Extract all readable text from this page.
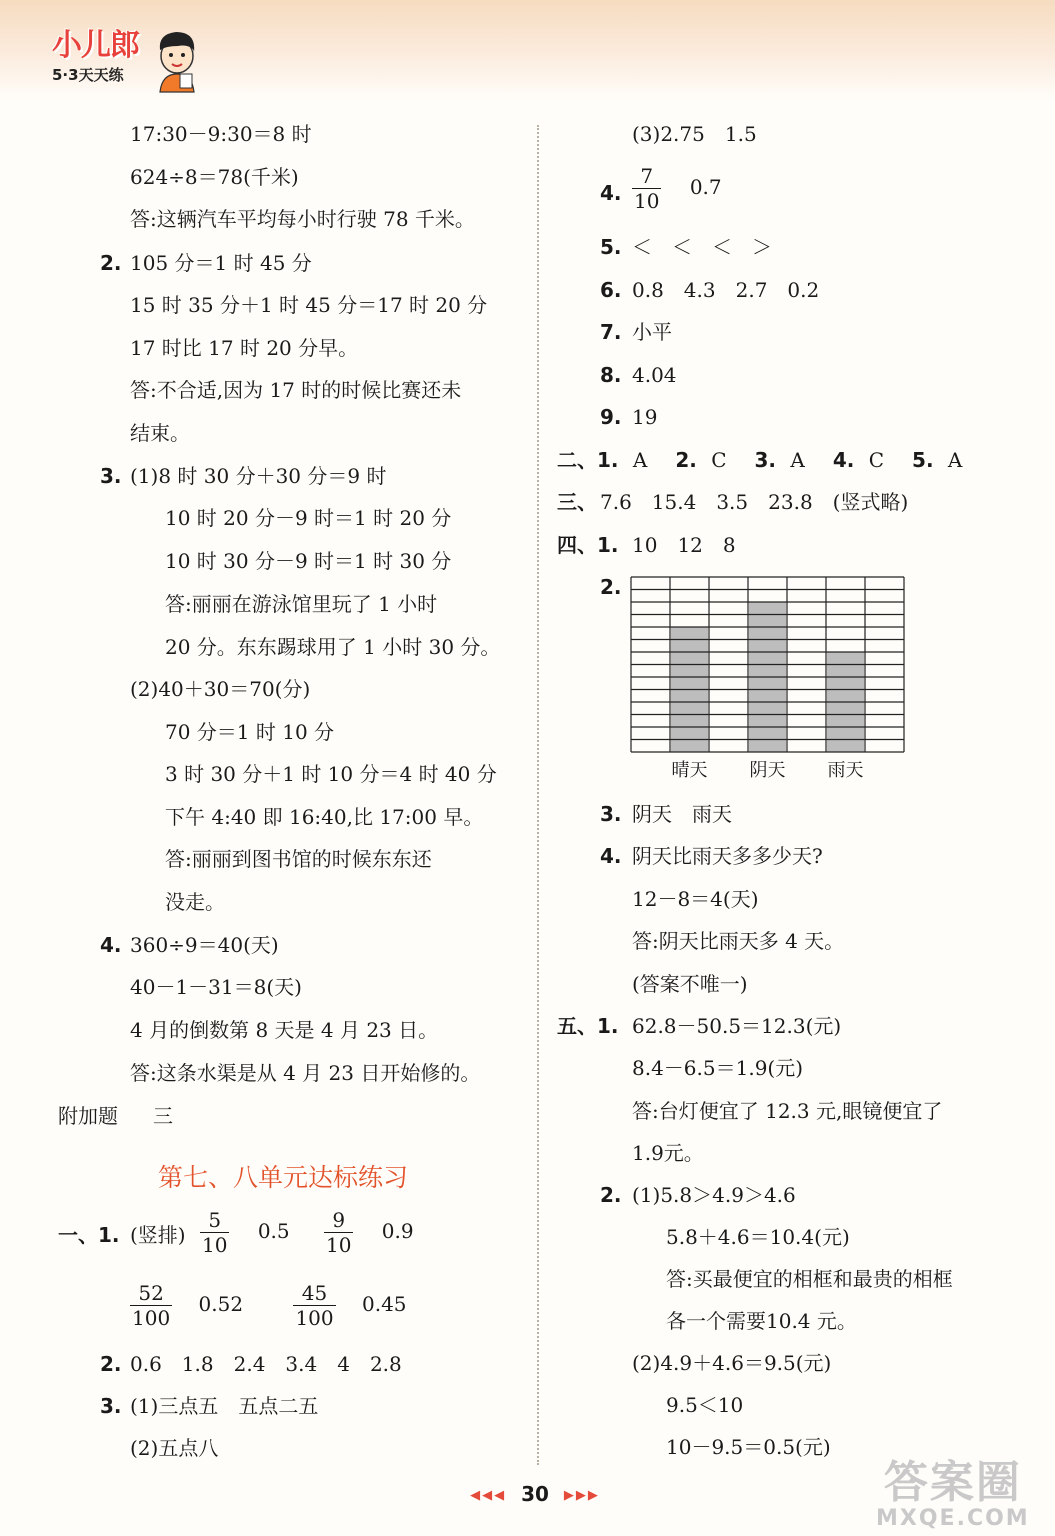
小儿郎
5·3天天练
17:30－9:30＝8 时
624÷8＝78(千米)
答:这辆汽车平均每小时行驶 78 千米。
2. 105 分＝1 时 45 分
15 时 35 分＋1 时 45 分＝17 时 20 分
17 时比 17 时 20 分早。
答:不合适,因为 17 时的时候比赛还未
结束。
3. (1)8 时 30 分＋30 分＝9 时
10 时 20 分－9 时＝1 时 20 分
10 时 30 分－9 时＝1 时 30 分
答:丽丽在游泳馆里玩了 1 小时
20 分。东东踢球用了 1 小时 30 分。
(2)40＋30＝70(分)
70 分＝1 时 10 分
3 时 30 分＋1 时 10 分＝4 时 40 分
下午 4:40 即 16:40,比 17:00 早。
答:丽丽到图书馆的时候东东还
没走。
4. 360÷9＝40(天)
40－1－31＝8(天)
4 月的倒数第 8 天是 4 月 23 日。
答:这条水渠是从 4 月 23 日开始修的。
附加题 三
第七、八单元达标练习
一、1. (竖排) $\frac{5}{10} 0.5 \frac{9}{10} 0.9$
$\frac{52}{100} 0.52$	$\frac{45}{100} 0.45$
2. 0.6　1.8　2.4　3.4　4　2.8
3. (1)三点五　五点二五
(2)五点八
(3)2.75　1.5
4. $\frac{7}{10} 0.7$
5. ＜　＜　＜　＞
6. 0.8　4.3　2.7　0.2
7. 小平
8. 4.04
9. 19
二、1. A 2. C 3. A 4. C 5. A
三、 7.6　15.4　3.5　23.8　(竖式略)
四、1. 10　12　8
2.
晴天 阴天 雨天
3. 阴天　雨天
4. 阴天比雨天多多少天?
12－8＝4(天)
答:阴天比雨天多 4 天。
(答案不唯一)
五、1. 62.8－50.5＝12.3(元)
8.4－6.5＝1.9(元)
答:台灯便宜了 12.3 元,眼镜便宜了
1.9元。
2. (1)5.8＞4.9＞4.6
5.8＋4.6＝10.4(元)
答:买最便宜的相框和最贵的相框
各一个需要10.4 元。
(2)4.9＋4.6＝9.5(元)
9.5＜10
10－9.5＝0.5(元)
◀◀◀ 30 ▶▶▶	答案圈
MXQE.COM
